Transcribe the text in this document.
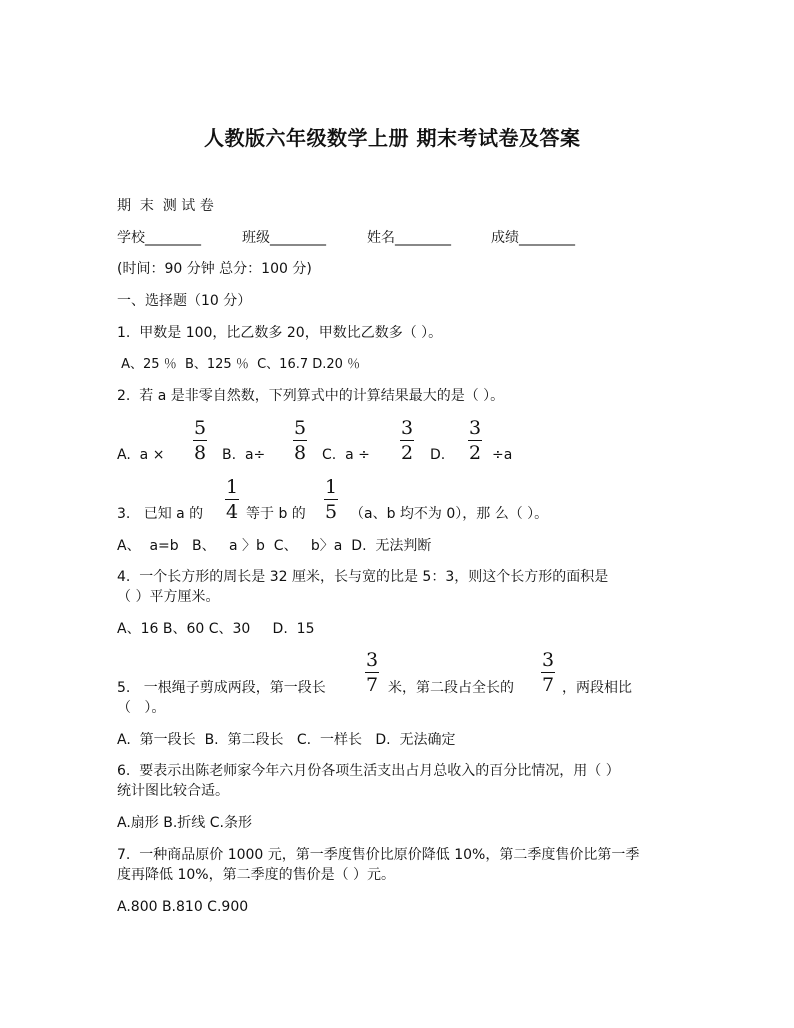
人教版六年级数学上册 期末考试卷及答案
期  末  测 试 卷
学校________	班级________	姓名________	成绩________
(时间：90 分钟 总分：100 分)
一、选择题（10 分）
1.  甲数是 100，比乙数多 20，甲数比乙数多（ ）。
A、25 ％  B、125 ％  C、16.7 D.20 ％
2.  若 a 是非零自然数，下列算式中的计算结果最大的是（ ）。
A.  a ×
5
8 B.  a÷
5
8 C.  a ÷
3
2 D.
3
2 ÷a
3.   已知 a 的
1
4 等于 b 的
1
5 （a、b 均不为 0），那 么（ ）。
A、  a=b   B、   a 〉b  C、   b〉a  D.  无法判断
4.  一个长方形的周长是 32 厘米，长与宽的比是 5：3，则这个长方形的面积是
（ ）平方厘米。
A、16 B、60 C、30     D.  15
5.   一根绳子剪成两段，第一段长
3
7 米，第二段占全长的
3
7 ，两段相比
（   ）。
A.  第一段长  B.  第二段长   C.  一样长   D.  无法确定
6.  要表示出陈老师家今年六月份各项生活支出占月总收入的百分比情况，用（ ）
统计图比较合适。
A.扇形 B.折线 C.条形
7.  一种商品原价 1000 元，第一季度售价比原价降低 10%，第二季度售价比第一季
度再降低 10%，第二季度的售价是（ ）元。
A.800 B.810 C.900
